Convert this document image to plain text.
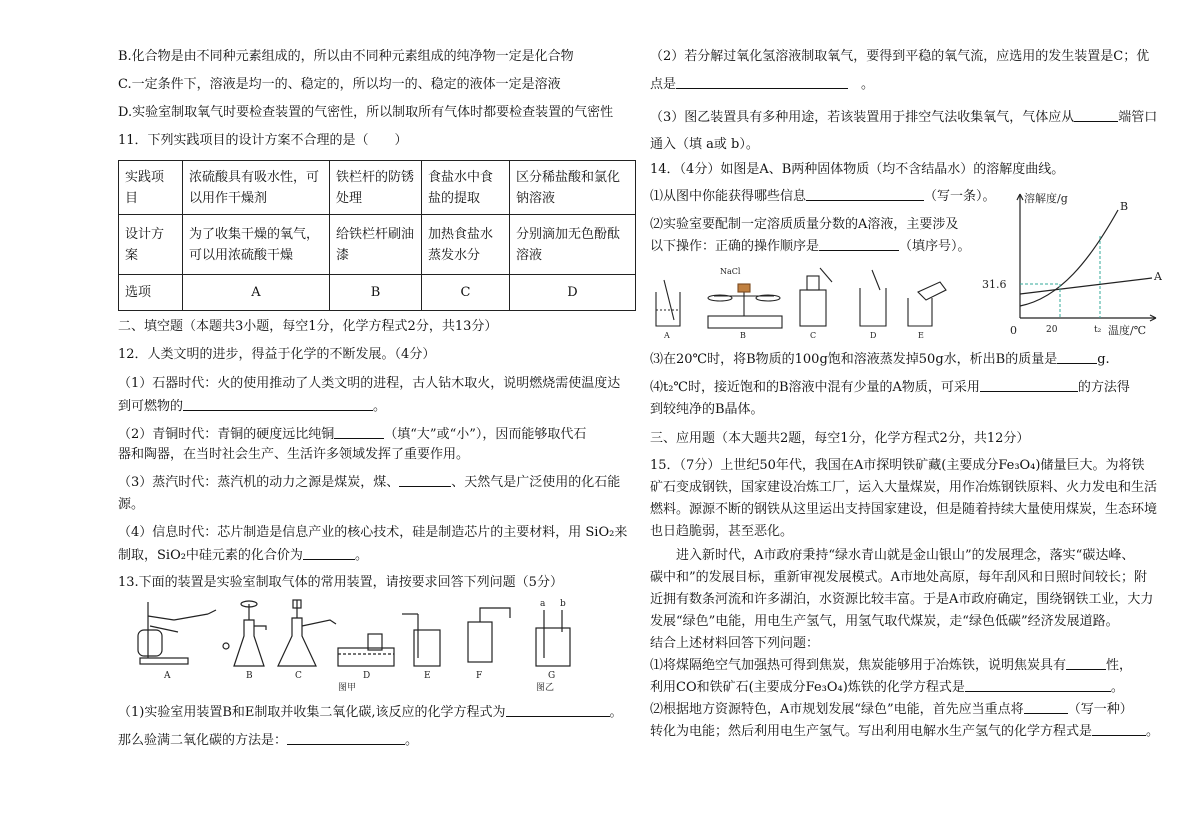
B.化合物是由不同种元素组成的，所以由不同种元素组成的纯净物一定是化合物
C.一定条件下，溶液是均一的、稳定的，所以均一的、稳定的液体一定是溶液
D.实验室制取氧气时要检查装置的气密性，所以制取所有气体时都要检查装置的气密性
11．下列实践项目的设计方案不合理的是（　　）
实践项目	浓硫酸具有吸水性，可以用作干燥剂	铁栏杆的防锈处理	食盐水中食盐的提取	区分稀盐酸和氯化钠溶液
设计方案	为了收集干燥的氧气，可以用浓硫酸干燥	给铁栏杆刷油漆	加热食盐水蒸发水分	分别滴加无色酚酞溶液
选项	A	B	C	D
二、填空题（本题共3小题，每空1分，化学方程式2分，共13分）
12．人类文明的进步，得益于化学的不断发展。（4分）
（1）石器时代：火的使用推动了人类文明的进程，古人钻木取火，说明燃烧需使温度达
到可燃物的	。
（2）青铜时代：青铜的硬度远比纯铜	（填“大”或“小”），因而能够取代石
器和陶器，在当时社会生产、生活许多领域发挥了重要作用。
（3）蒸汽时代：蒸汽机的动力之源是煤炭，煤、	、天然气是广泛使用的化石能
源。
（4）信息时代：芯片制造是信息产业的核心技术，硅是制造芯片的主要材料，用 SiO₂来
制取，SiO₂中硅元素的化合价为	。
13.下面的装置是实验室制取气体的常用装置，请按要求回答下列问题（5分）
A	B	C	D	E	F	G
图甲	图乙
a b
（1)实验室用装置B和E制取并收集二氧化碳,该反应的化学方程式为	。
那么验满二氧化碳的方法是：	。
（2）若分解过氧化氢溶液制取氧气，要得到平稳的氧气流，应选用的发生装置是C；优
点是	　。
（3）图乙装置具有多种用途，若该装置用于排空气法收集氧气，气体应从	端管口
通入（填 a或 b）。
14．（4分）如图是A、B两种固体物质（均不含结晶水）的溶解度曲线。
⑴从图中你能获得哪些信息	（写一条）。
⑵实验室要配制一定溶质质量分数的A溶液，主要涉及
以下操作：正确的操作顺序是	（填序号）。
NaCl
A	B	C	D	E
溶解度/g
温度/℃
0
31.6
20	t₂
A
B
⑶在20℃时，将B物质的100g饱和溶液蒸发掉50g水，析出B的质量是	g.
⑷t₂℃时，接近饱和的B溶液中混有少量的A物质，可采用	的方法得
到较纯净的B晶体。
三、应用题（本大题共2题，每空1分，化学方程式2分，共12分）
15．（7分）上世纪50年代，我国在A市探明铁矿藏(主要成分Fe₃O₄)储量巨大。为将铁
矿石变成钢铁，国家建设冶炼工厂，运入大量煤炭，用作冶炼钢铁原料、火力发电和生活
燃料。源源不断的钢铁从这里运出支持国家建设，但是随着持续大量使用煤炭，生态环境
也日趋脆弱，甚至恶化。
　　进入新时代，A市政府秉持“绿水青山就是金山银山”的发展理念，落实“碳达峰、
碳中和”的发展目标，重新审视发展模式。A市地处高原，每年刮风和日照时间较长；附
近拥有数条河流和许多湖泊，水资源比较丰富。于是A市政府确定，围绕钢铁工业，大力
发展“绿色”电能，用电生产氢气，用氢气取代煤炭，走“绿色低碳”经济发展道路。
结合上述材料回答下列问题：
⑴将煤隔绝空气加强热可得到焦炭，焦炭能够用于冶炼铁，说明焦炭具有	性，
利用CO和铁矿石(主要成分Fe₃O₄)炼铁的化学方程式是	。
⑵根据地方资源特色，A市规划发展“绿色”电能，首先应当重点将	（写一种）
转化为电能；然后利用电生产氢气。写出利用电解水生产氢气的化学方程式是	。
